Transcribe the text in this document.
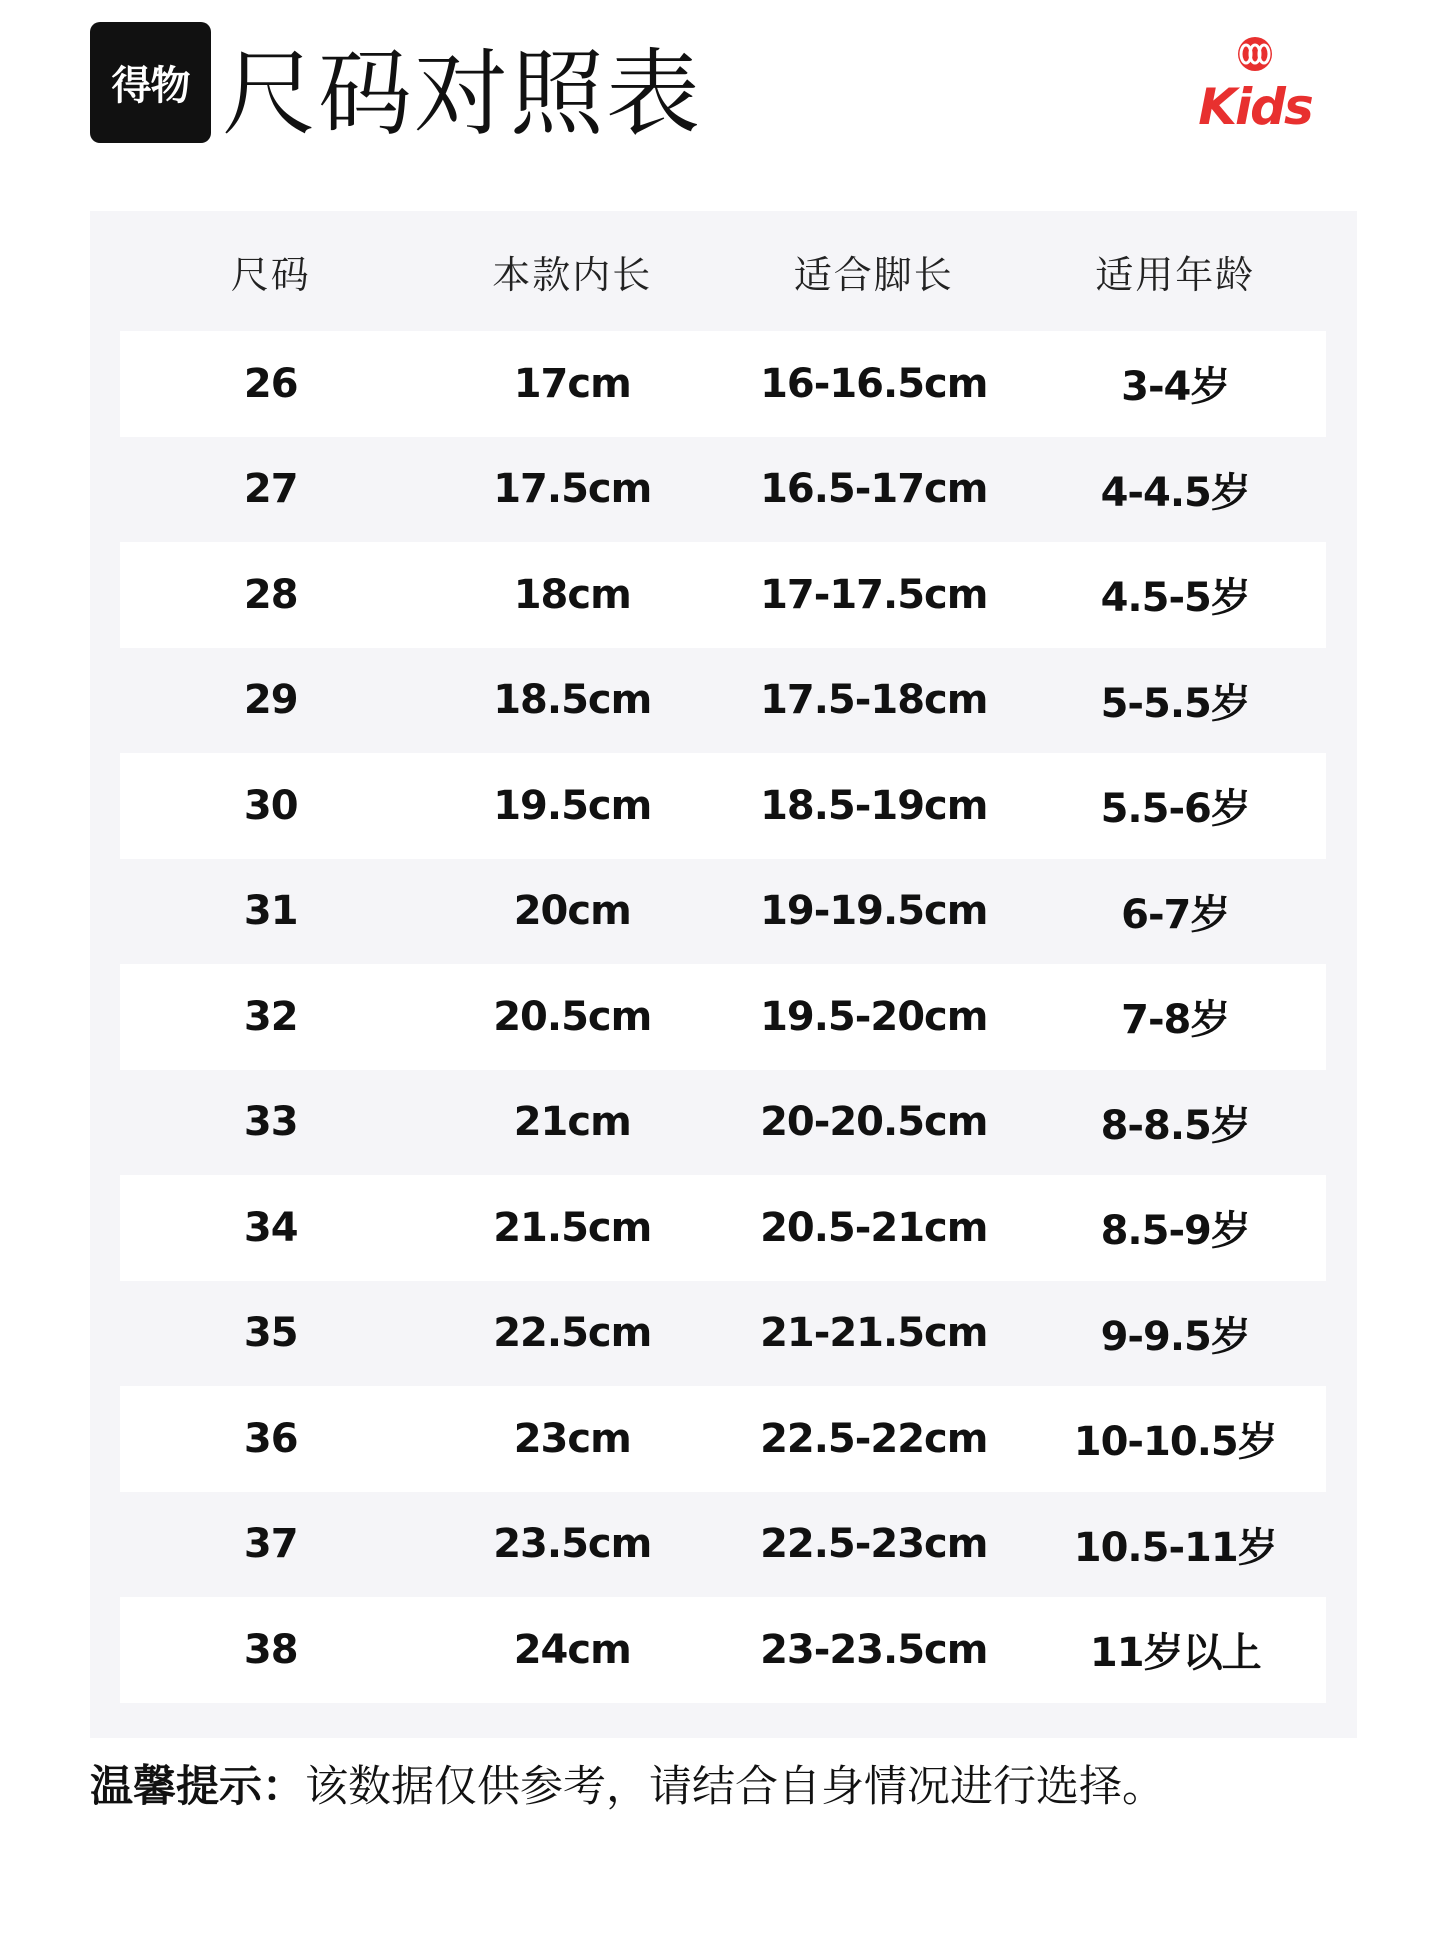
得物 尺码对照表	Kids
尺码	本款内长	适合脚长	适用年龄
26	17cm	16-16.5cm	3-4岁
27	17.5cm	16.5-17cm	4-4.5岁
28	18cm	17-17.5cm	4.5-5岁
29	18.5cm	17.5-18cm	5-5.5岁
30	19.5cm	18.5-19cm	5.5-6岁
31	20cm	19-19.5cm	6-7岁
32	20.5cm	19.5-20cm	7-8岁
33	21cm	20-20.5cm	8-8.5岁
34	21.5cm	20.5-21cm	8.5-9岁
35	22.5cm	21-21.5cm	9-9.5岁
36	23cm	22.5-22cm	10-10.5岁
37	23.5cm	22.5-23cm	10.5-11岁
38	24cm	23-23.5cm	11岁以上

温馨提示：该数据仅供参考，请结合自身情况进行选择。
